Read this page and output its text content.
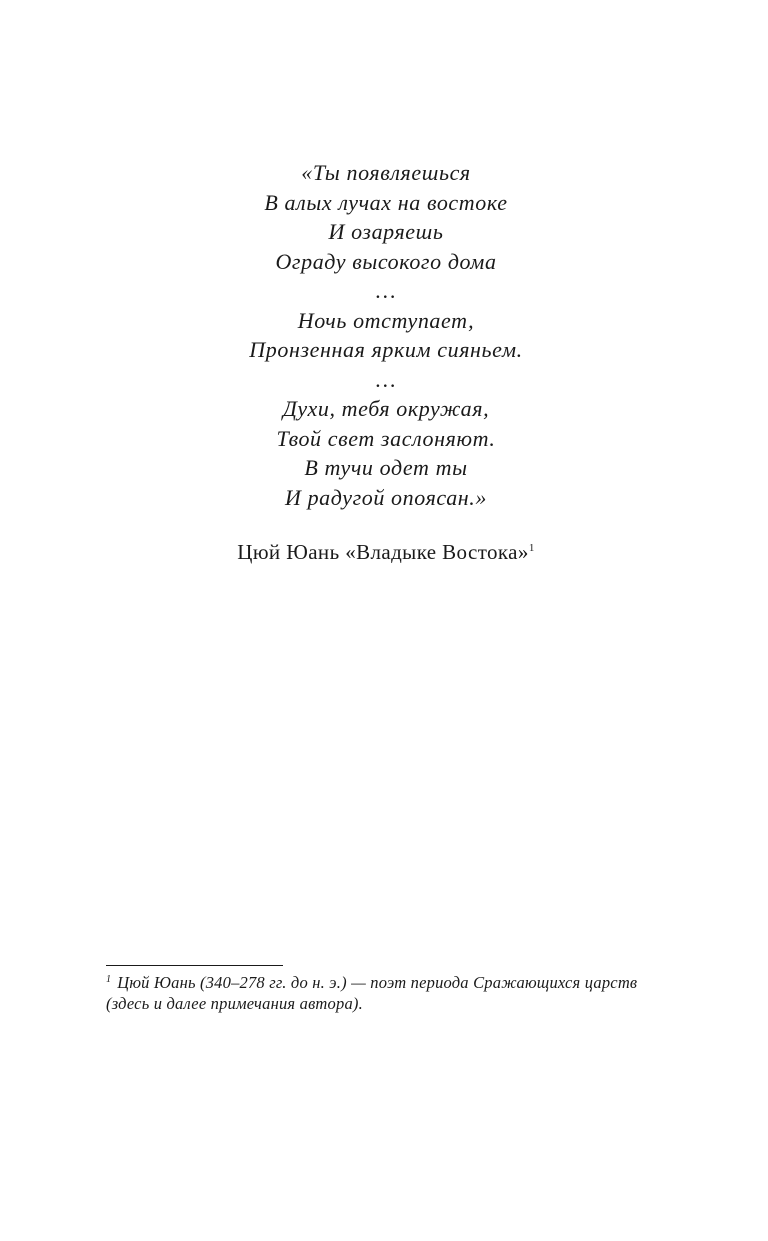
«Ты появляешься
В алых лучах на востоке
И озаряешь
Ограду высокого дома
…
Ночь отступает,
Пронзенная ярким сияньем.
…
Духи, тебя окружая,
Твой свет заслоняют.
В тучи одет ты
И радугой опоясан.»
Цюй Юань «Владыке Востока»$^1$
$^1$ Цюй Юань (340–278 гг. до н. э.) — поэт периода Сражающихся царств (здесь и далее примечания автора).
